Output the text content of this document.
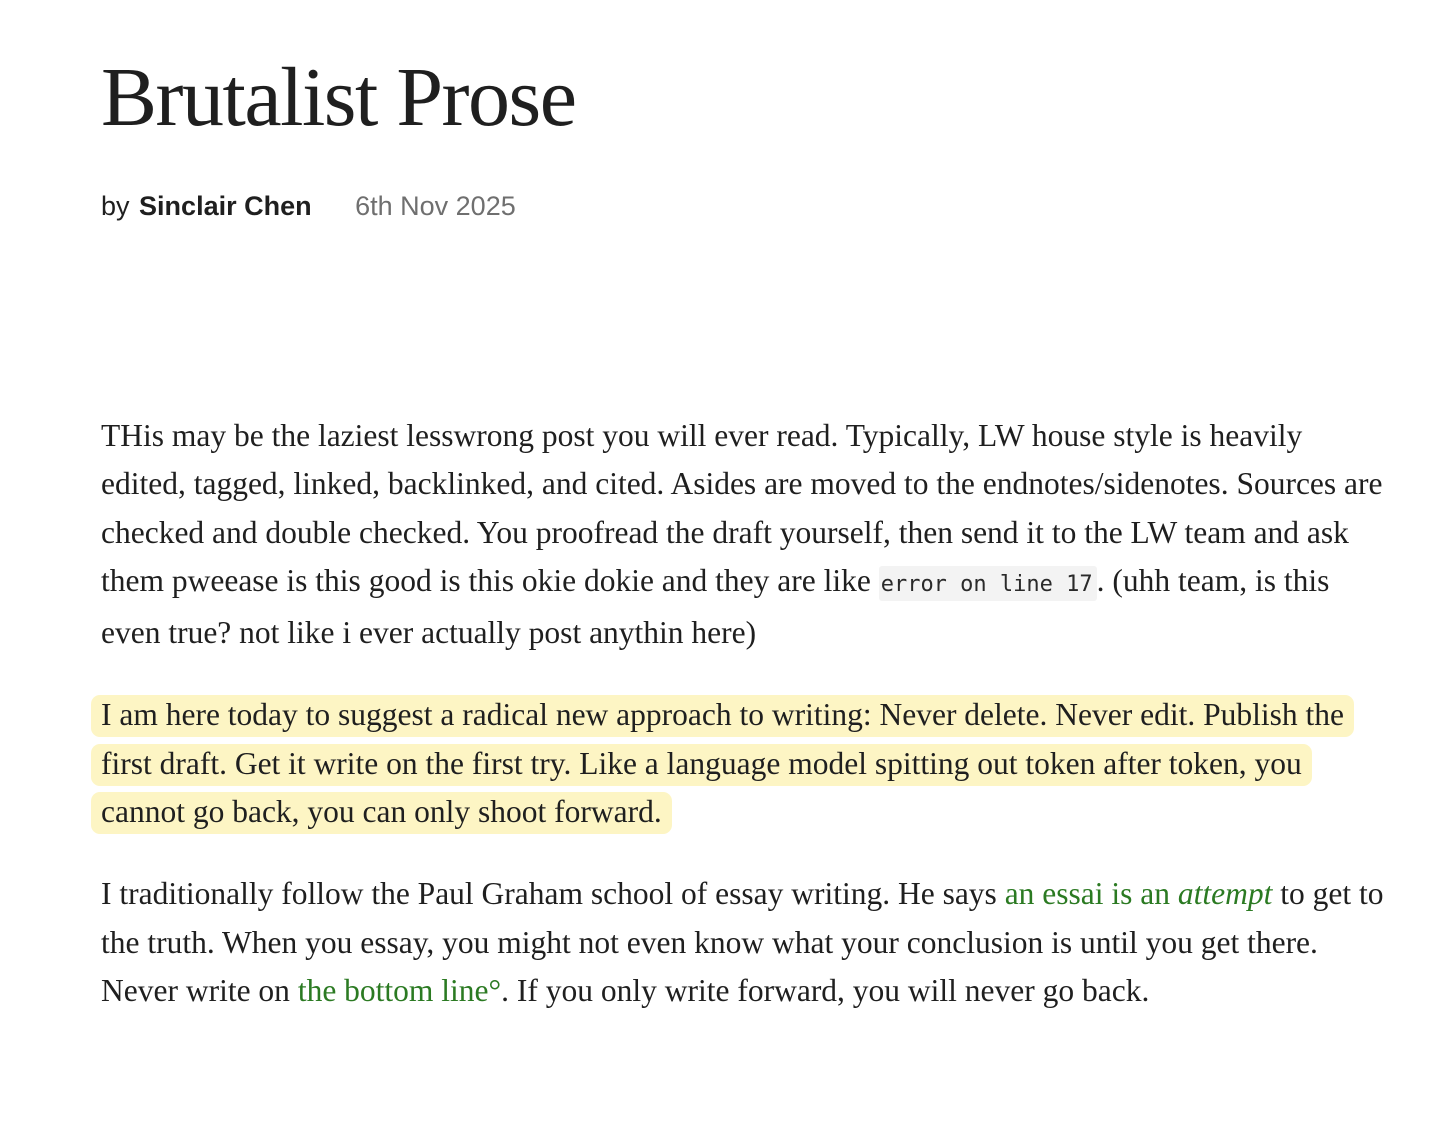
Brutalist Prose
by Sinclair Chen 6th Nov 2025

THis may be the laziest lesswrong post you will ever read. Typically, LW house style is heavily edited, tagged, linked, backlinked, and cited. Asides are moved to the endnotes/sidenotes. Sources are checked and double checked. You proofread the draft yourself, then send it to the LW team and ask them pweease is this good is this okie dokie and they are like error on line 17 . (uhh team, is this even true? not like i ever actually post anythin here)

I am here today to suggest a radical new approach to writing: Never delete. Never edit. Publish the first draft. Get it write on the first try. Like a language model spitting out token after token, you cannot go back, you can only shoot forward.

I traditionally follow the Paul Graham school of essay writing. He says an essai is an attempt to get to the truth. When you essay, you might not even know what your conclusion is until you get there. Never write on the bottom line°. If you only write forward, you will never go back.
